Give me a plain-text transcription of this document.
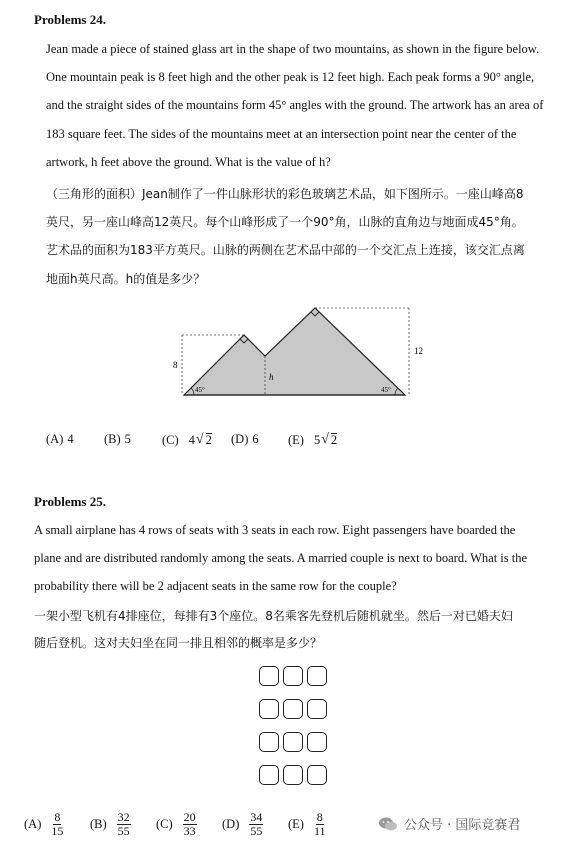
Problems 24.
Jean made a piece of stained glass art in the shape of two mountains, as shown in the figure below.
One mountain peak is 8 feet high and the other peak is 12 feet high. Each peak forms a 90° angle,
and the straight sides of the mountains form 45° angles with the ground. The artwork has an area of
183 square feet. The sides of the mountains meet at an intersection point near the center of the
artwork, h feet above the ground. What is the value of h?
（三角形的面积）Jean制作了一件山脉形状的彩色玻璃艺术品，如下图所示。一座山峰高8
英尺，另一座山峰高12英尺。每个山峰形成了一个90°角，山脉的直角边与地面成45°角。
艺术品的面积为183平方英尺。山脉的两侧在艺术品中部的一个交汇点上连接，该交汇点离
地面h英尺高。h的值是多少？
8
12
h
45°	45°
(A) 4 (B) 5 (C) 4 √ 2 (D) 6 (E) 5 √ 2
Problems 25.
A small airplane has 4 rows of seats with 3 seats in each row. Eight passengers have boarded the
plane and are distributed randomly among the seats. A married couple is next to board. What is the
probability there will be 2 adjacent seats in the same row for the couple?
一架小型飞机有4排座位，每排有3个座位。8名乘客先登机后随机就坐。然后一对已婚夫妇
随后登机。这对夫妇坐在同一排且相邻的概率是多少？
$(A) \frac{8}{15} (B) \frac{32}{55} (C) \frac{20}{33} (D) \frac{34}{55} (E) \frac{8}{11}$	公众号 · 国际竞赛君
